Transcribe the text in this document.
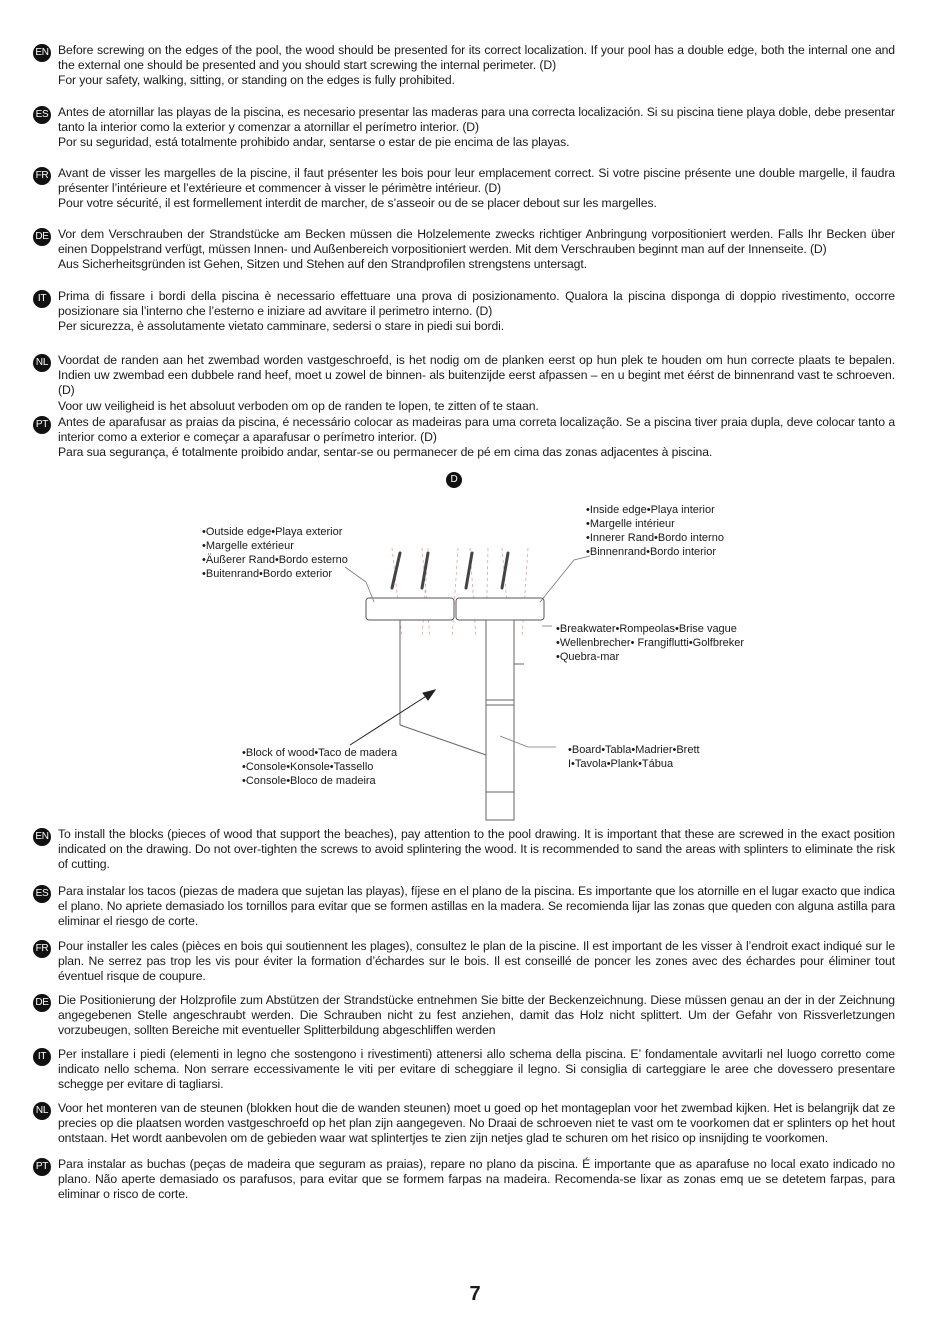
EN Before screwing on the edges of the pool, the wood should be presented for its correct localization. If your pool has a double edge, both the internal one and the external one should be presented and you should start screwing the internal perimeter. (D)
For your safety, walking, sitting, or standing on the edges is fully prohibited.
ES Antes de atornillar las playas de la piscina, es necesario presentar las maderas para una correcta localización. Si su piscina tiene playa doble, debe presentar tanto la interior como la exterior y comenzar a atornillar el perímetro interior. (D)
Por su seguridad, está totalmente prohibido andar, sentarse o estar de pie encima de las playas.
FR Avant de visser les margelles de la piscine, il faut présenter les bois pour leur emplacement correct. Si votre piscine présente une double margelle, il faudra présenter l’intérieure et l’extérieure et commencer à visser le périmètre intérieur. (D)
Pour votre sécurité, il est formellement interdit de marcher, de s’asseoir ou de se placer debout sur les margelles.
DE Vor dem Verschrauben der Strandstücke am Becken müssen die Holzelemente zwecks richtiger Anbringung vorpositioniert werden. Falls Ihr Becken über einen Doppelstrand verfügt, müssen Innen- und Außenbereich vorpositioniert werden. Mit dem Verschrauben beginnt man auf der Innenseite. (D)
Aus Sicherheitsgründen ist Gehen, Sitzen und Stehen auf den Strandprofilen strengstens untersagt.
IT Prima di fissare i bordi della piscina è necessario effettuare una prova di posizionamento. Qualora la piscina disponga di doppio rivestimento, occorre posizionare sia l’interno che l’esterno e iniziare ad avvitare il perimetro interno. (D)
Per sicurezza, è assolutamente vietato camminare, sedersi o stare in piedi sui bordi.
NL Voordat de randen aan het zwembad worden vastgeschroefd, is het nodig om de planken eerst op hun plek te houden om hun correcte plaats te bepalen. Indien uw zwembad een dubbele rand heef, moet u zowel de binnen- als buitenzijde eerst afpassen – en u begint met éérst de binnenrand vast te schroeven. (D)
Voor uw veiligheid is het absoluut verboden om op de randen te lopen, te zitten of te staan.
PT Antes de aparafusar as praias da piscina, é necessário colocar as madeiras para uma correta localização. Se a piscina tiver praia dupla, deve colocar tanto a interior como a exterior e começar a aparafusar o perímetro interior. (D)
Para sua segurança, é totalmente proibido andar, sentar-se ou permanecer de pé em cima das zonas adjacentes à piscina.
D
•Outside edge•Playa exterior
•Margelle extérieur
•Äußerer Rand•Bordo esterno
•Buitenrand•Bordo exterior
•Inside edge•Playa interior
•Margelle intérieur
•Innerer Rand•Bordo interno
•Binnenrand•Bordo interior
•Breakwater•Rompeolas•Brise vague
•Wellenbrecher• Frangiflutti•Golfbreker
•Quebra-mar
•Block of wood•Taco de madera
•Console•Konsole•Tassello
•Console•Bloco de madeira
•Board•Tabla•Madrier•Brett
I•Tavola•Plank•Tábua
EN To install the blocks (pieces of wood that support the beaches), pay attention to the pool drawing. It is important that these are screwed in the exact position indicated on the drawing. Do not over-tighten the screws to avoid splintering the wood. It is recommended to sand the areas with splinters to eliminate the risk of cutting.
ES Para instalar los tacos (piezas de madera que sujetan las playas), fíjese en el plano de la piscina. Es importante que los atornille en el lugar exacto que indica el plano. No apriete demasiado los tornillos para evitar que se formen astillas en la madera. Se recomienda lijar las zonas que queden con alguna astilla para eliminar el riesgo de corte.
FR Pour installer les cales (pièces en bois qui soutiennent les plages), consultez le plan de la piscine. Il est important de les visser à l’endroit exact indiqué sur le plan. Ne serrez pas trop les vis pour éviter la formation d’échardes sur le bois. Il est conseillé de poncer les zones avec des échardes pour éliminer tout éventuel risque de coupure.
DE Die Positionierung der Holzprofile zum Abstützen der Strandstücke entnehmen Sie bitte der Beckenzeichnung. Diese müssen genau an der in der Zeichnung angegebenen Stelle angeschraubt werden. Die Schrauben nicht zu fest anziehen, damit das Holz nicht splittert. Um der Gefahr von Rissverletzungen vorzubeugen, sollten Bereiche mit eventueller Splitterbildung abgeschliffen werden
IT Per installare i piedi (elementi in legno che sostengono i rivestimenti) attenersi allo schema della piscina. E’ fondamentale avvitarli nel luogo corretto come indicato nello schema. Non serrare eccessivamente le viti per evitare di scheggiare il legno. Si consiglia di carteggiare le aree che dovessero presentare schegge per evitare di tagliarsi.
NL Voor het monteren van de steunen (blokken hout die de wanden steunen) moet u goed op het montageplan voor het zwembad kijken. Het is belangrijk dat ze precies op die plaatsen worden vastgeschroefd op het plan zijn aangegeven. No Draai de schroeven niet te vast om te voorkomen dat er splinters op het hout ontstaan. Het wordt aanbevolen om de gebieden waar wat splintertjes te zien zijn netjes glad te schuren om het risico op insnijding te voorkomen.
PT Para instalar as buchas (peças de madeira que seguram as praias), repare no plano da piscina. É importante que as aparafuse no local exato indicado no plano. Não aperte demasiado os parafusos, para evitar que se formem farpas na madeira. Recomenda-se lixar as zonas emq ue se detetem farpas, para eliminar o risco de corte.
7
